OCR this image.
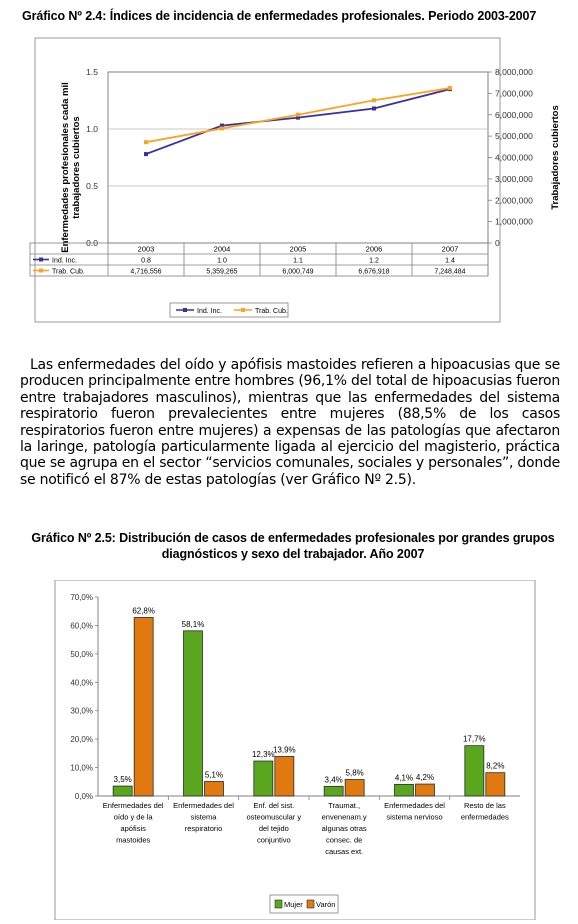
Gráfico Nº 2.4: Índices de incidencia de enfermedades profesionales. Periodo 2003-2007
0.0
0.5
1.0
1.5
0
1,000,000
2,000,000
3,000,000
4,000,000
5,000,000
6,000,000
7,000,000
8,000,000
Enfermedades profesionales cada miltrabajadores cubiertos	Trabajadores cubiertos
2003	2004	2005	2006	2007
Ind. Inc.	0.8	1.0	1.1	1.2	1.4
Trab. Cub.	4,716,556	5,359,265	6,000,749	6,676,918	7,248,484
Ind. Inc.	Trab. Cub.
Las enfermedades del oído y apófisis mastoides refieren a hipoacusias que se producen principalmente entre hombres (96,1% del total de hipoacusias fueron entre trabajadores masculinos), mientras que las enfermedades del sistema respiratorio fueron prevalecientes entre mujeres (88,5% de los casos respiratorios fueron entre mujeres) a expensas de las patologías que afectaron la laringe, patología particularmente ligada al ejercicio del magisterio, práctica que se agrupa en el sector “servicios comunales, sociales y personales”, donde se notificó el 87% de estas patologías (ver Gráfico Nº 2.5).
Gráfico Nº 2.5: Distribución de casos de enfermedades profesionales por grandes grupos diagnósticos y sexo del trabajador. Año 2007
0,0%
10,0%
20,0%
30,0%
40,0%
50,0%
60,0%
70,0%
3,5%
58,1%
12,3%
3,4%	4,1%
17,7%
62,8%
5,1%
13,9%
5,8%
4,2%
8,2%
Enfermedades del oído y de la apófisis mastoides
Enfermedades del sistema respiratorio
Enf. del sist. osteomuscular y del tejido conjuntivo
Traumat., envenenam.y algunas otras consec. de causas ext.
Enfermedades del sistema nervioso
Resto de las enfermedades
Mujer Varón
